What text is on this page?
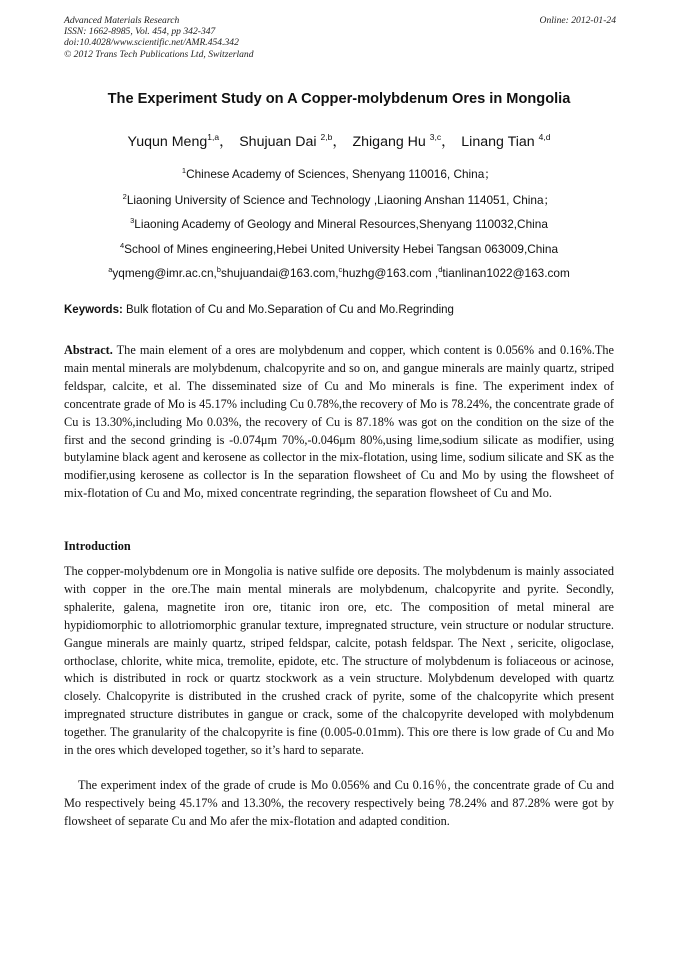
Advanced Materials Research
ISSN: 1662-8985, Vol. 454, pp 342-347
doi:10.4028/www.scientific.net/AMR.454.342
© 2012 Trans Tech Publications Ltd, Switzerland
Online: 2012-01-24
The Experiment Study on A Copper-molybdenum Ores in Mongolia
Yuqun Meng$^{1,a}$， Shujuan Dai $^{2,b}$， Zhigang Hu $^{3,c}$， Linang Tian $^{4,d}$
$^1$Chinese Academy of Sciences, Shenyang 110016, China；
$^2$Liaoning University of Science and Technology ,Liaoning Anshan 114051, China；
$^3$Liaoning Academy of Geology and Mineral Resources,Shenyang 110032,China
$^4$School of Mines engineering,Hebei United University Hebei Tangsan 063009,China
$^a$yqmeng@imr.ac.cn,$^b$shujuandai@163.com,$^c$huzhg@163.com ,$^d$tianlinan1022@163.com
Keywords: Bulk flotation of Cu and Mo.Separation of Cu and Mo.Regrinding
Abstract. The main element of a ores are molybdenum and copper, which content is 0.056% and 0.16%.The main mental minerals are molybdenum, chalcopyrite and so on, and gangue minerals are mainly quartz, striped feldspar, calcite, et al. The disseminated size of Cu and Mo minerals is fine. The experiment index of concentrate grade of Mo is 45.17% including Cu 0.78%,the recovery of Mo is 78.24%, the concentrate grade of Cu is 13.30%,including Mo 0.03%, the recovery of Cu is 87.18% was got on the condition on the size of the first and the second grinding is -0.074μm 70%,-0.046μm 80%,using lime,sodium silicate as modifier, using butylamine black agent and kerosene as collector in the mix-flotation, using lime, sodium silicate and SK as the modifier,using kerosene as collector is In the separation flowsheet of Cu and Mo by using the flowsheet of mix-flotation of Cu and Mo, mixed concentrate regrinding, the separation flowsheet of Cu and Mo.
Introduction
The copper-molybdenum ore in Mongolia is native sulfide ore deposits. The molybdenum is mainly associated with copper in the ore.The main mental minerals are molybdenum, chalcopyrite and pyrite. Secondly, sphalerite, galena, magnetite iron ore, titanic iron ore, etc. The composition of metal mineral are hypidiomorphic to allotriomorphic granular texture, impregnated structure, vein structure or nodular structure. Gangue minerals are mainly quartz, striped feldspar, calcite, potash feldspar. The Next , sericite, oligoclase, orthoclase, chlorite, white mica, tremolite, epidote, etc. The structure of molybdenum is foliaceous or acinose, which is distributed in rock or quartz stockwork as a vein structure. Molybdenum developed with quartz closely. Chalcopyrite is distributed in the crushed crack of pyrite, some of the chalcopyrite which present impregnated structure distributes in gangue or crack, some of the chalcopyrite developed with molybdenum together. The granularity of the chalcopyrite is fine (0.005-0.01mm). This ore there is low grade of Cu and Mo in the ores which developed together, so it’s hard to separate.
The experiment index of the grade of crude is Mo 0.056% and Cu 0.16％, the concentrate grade of Cu and Mo respectively being 45.17% and 13.30%, the recovery respectively being 78.24% and 87.28% were got by flowsheet of separate Cu and Mo afer the mix-flotation and adapted condition.
